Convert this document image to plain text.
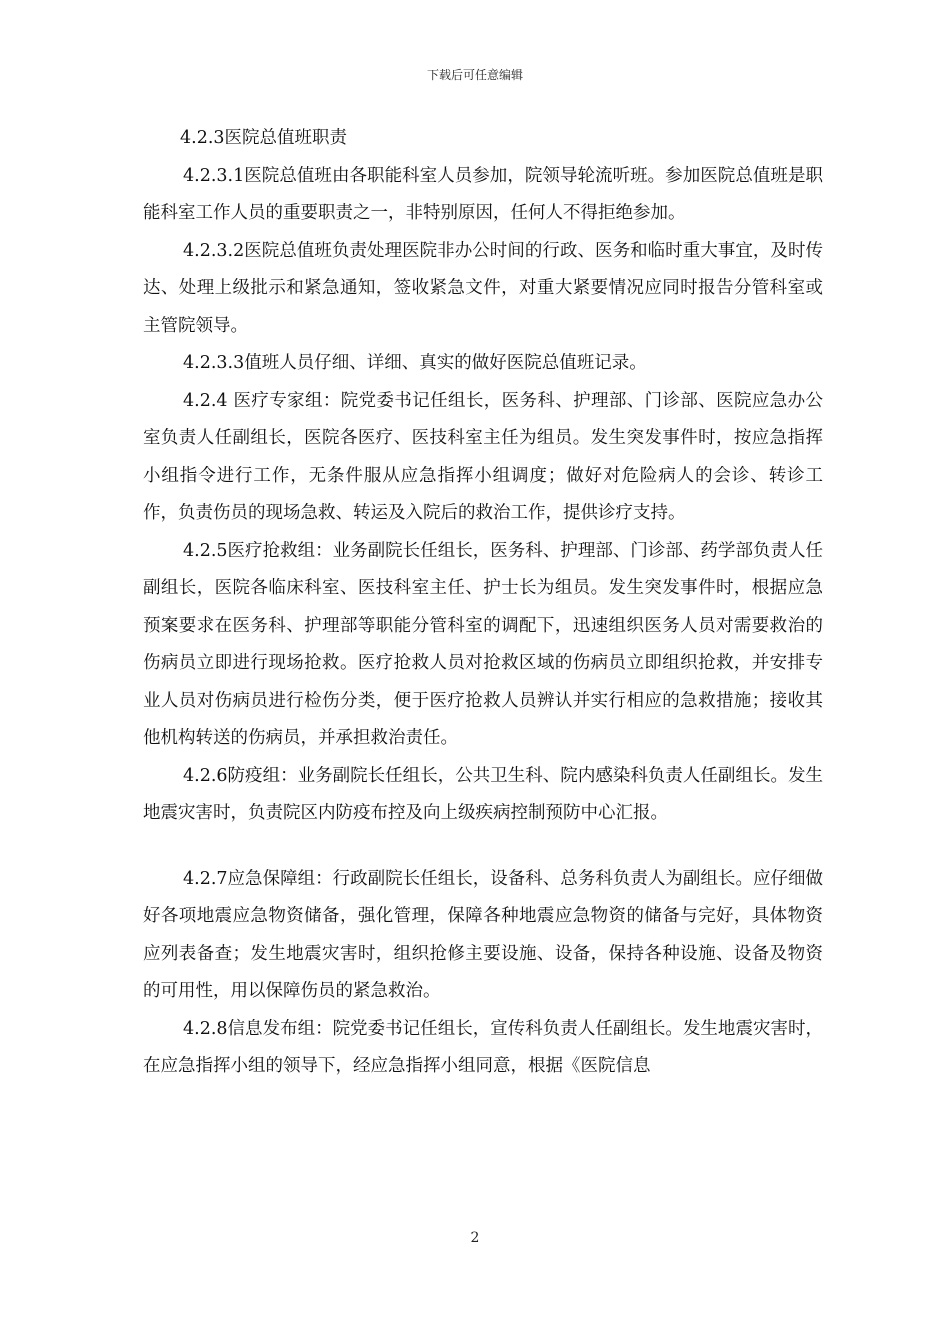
下载后可任意编辑

4.2.3医院总值班职责

4.2.3.1医院总值班由各职能科室人员参加，院领导轮流听班。参加医院总值班是职能科室工作人员的重要职责之一，非特别原因，任何人不得拒绝参加。

4.2.3.2医院总值班负责处理医院非办公时间的行政、医务和临时重大事宜，及时传达、处理上级批示和紧急通知，签收紧急文件，对重大紧要情况应同时报告分管科室或主管院领导。

4.2.3.3值班人员仔细、详细、真实的做好医院总值班记录。

4.2.4 医疗专家组：院党委书记任组长，医务科、护理部、门诊部、医院应急办公室负责人任副组长，医院各医疗、医技科室主任为组员。发生突发事件时，按应急指挥小组指令进行工作，无条件服从应急指挥小组调度；做好对危险病人的会诊、转诊工作，负责伤员的现场急救、转运及入院后的救治工作，提供诊疗支持。

4.2.5医疗抢救组：业务副院长任组长，医务科、护理部、门诊部、药学部负责人任副组长，医院各临床科室、医技科室主任、护士长为组员。发生突发事件时，根据应急预案要求在医务科、护理部等职能分管科室的调配下，迅速组织医务人员对需要救治的伤病员立即进行现场抢救。医疗抢救人员对抢救区域的伤病员立即组织抢救，并安排专业人员对伤病员进行检伤分类，便于医疗抢救人员辨认并实行相应的急救措施；接收其他机构转送的伤病员，并承担救治责任。

4.2.6防疫组：业务副院长任组长，公共卫生科、院内感染科负责人任副组长。发生地震灾害时，负责院区内防疫布控及向上级疾病控制预防中心汇报。

4.2.7应急保障组：行政副院长任组长，设备科、总务科负责人为副组长。应仔细做好各项地震应急物资储备，强化管理，保障各种地震应急物资的储备与完好，具体物资应列表备查；发生地震灾害时，组织抢修主要设施、设备，保持各种设施、设备及物资的可用性，用以保障伤员的紧急救治。

4.2.8信息发布组：院党委书记任组长，宣传科负责人任副组长。发生地震灾害时，在应急指挥小组的领导下，经应急指挥小组同意，根据《医院信息

2
